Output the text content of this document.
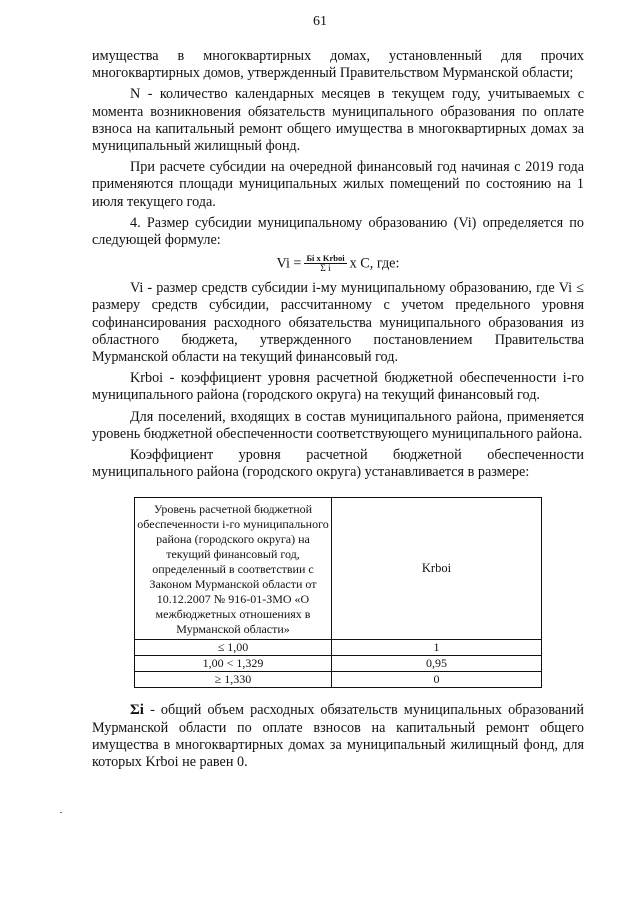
61

имущества в многоквартирных домах, установленный для прочих многоквартирных домов, утвержденный Правительством Мурманской области;

N - количество календарных месяцев в текущем году, учитываемых с момента возникновения обязательств муниципального образования по оплате взноса на капитальный ремонт общего имущества в многоквартирных домах за муниципальный жилищный фонд.

При расчете субсидии на очередной финансовый год начиная с 2019 года применяются площади муниципальных жилых помещений по состоянию на 1 июля текущего года.

4. Размер субсидии муниципальному образованию (Vi) определяется по следующей формуле:

$Vi = \frac{\text{Бi x Krboi}}{\text{Σ i}}$ x C, где:

Vi - размер средств субсидии i-му муниципальному образованию, где Vi ≤ размеру средств субсидии, рассчитанному с учетом предельного уровня софинансирования расходного обязательства муниципального образования из областного бюджета, утвержденного постановлением Правительства Мурманской области на текущий финансовый год.

Krboi - коэффициент уровня расчетной бюджетной обеспеченности i-го муниципального района (городского округа) на текущий финансовый год.

Для поселений, входящих в состав муниципального района, применяется уровень бюджетной обеспеченности соответствующего муниципального района.

Коэффициент уровня расчетной бюджетной обеспеченности муниципального района (городского округа) устанавливается в размере:

Уровень расчетной бюджетной обеспеченности i-го муниципального района (городского округа) на текущий финансовый год, определенный в соответствии с Законом Мурманской области от 10.12.2007 № 916-01-ЗМО «О межбюджетных отношениях в Мурманской области»	Krboi
≤ 1,00	1
1,00 < 1,329	0,95
≥ 1,330	0

Σi - общий объем расходных обязательств муниципальных образований Мурманской области по оплате взносов на капитальный ремонт общего имущества в многоквартирных домах за муниципальный жилищный фонд, для которых Krboi не равен 0.
